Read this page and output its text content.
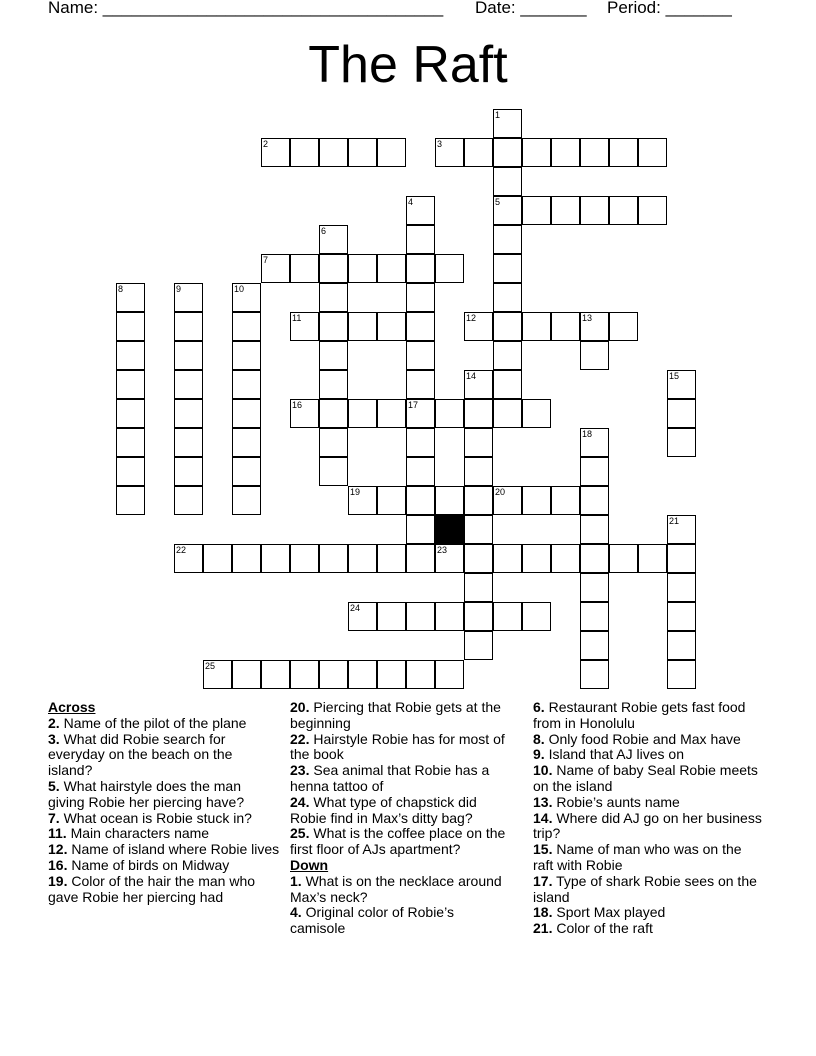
Name: ____________________________________ Date: _______ Period: _______
The Raft
2	3
5
7
11	12	13
16	17
19	20
22	23
24
25
1
4
6
8	9	10
14	15
18
21
Across
2. Name of the pilot of the plane
3. What did Robie search for everyday on the beach on the island?
5. What hairstyle does the man giving Robie her piercing have?
7. What ocean is Robie stuck in?
11. Main characters name
12. Name of island where Robie lives
16. Name of birds on Midway
19. Color of the hair the man who gave Robie her piercing had
20. Piercing that Robie gets at the beginning
22. Hairstyle Robie has for most of the book
23. Sea animal that Robie has a henna tattoo of
24. What type of chapstick did Robie find in Max’s ditty bag?
25. What is the coffee place on the first floor of AJs apartment?
Down
1. What is on the necklace around Max’s neck?
4. Original color of Robie’s camisole
6. Restaurant Robie gets fast food from in Honolulu
8. Only food Robie and Max have
9. Island that AJ lives on
10. Name of baby Seal Robie meets on the island
13. Robie’s aunts name
14. Where did AJ go on her business trip?
15. Name of man who was on the raft with Robie
17. Type of shark Robie sees on the island
18. Sport Max played
21. Color of the raft
